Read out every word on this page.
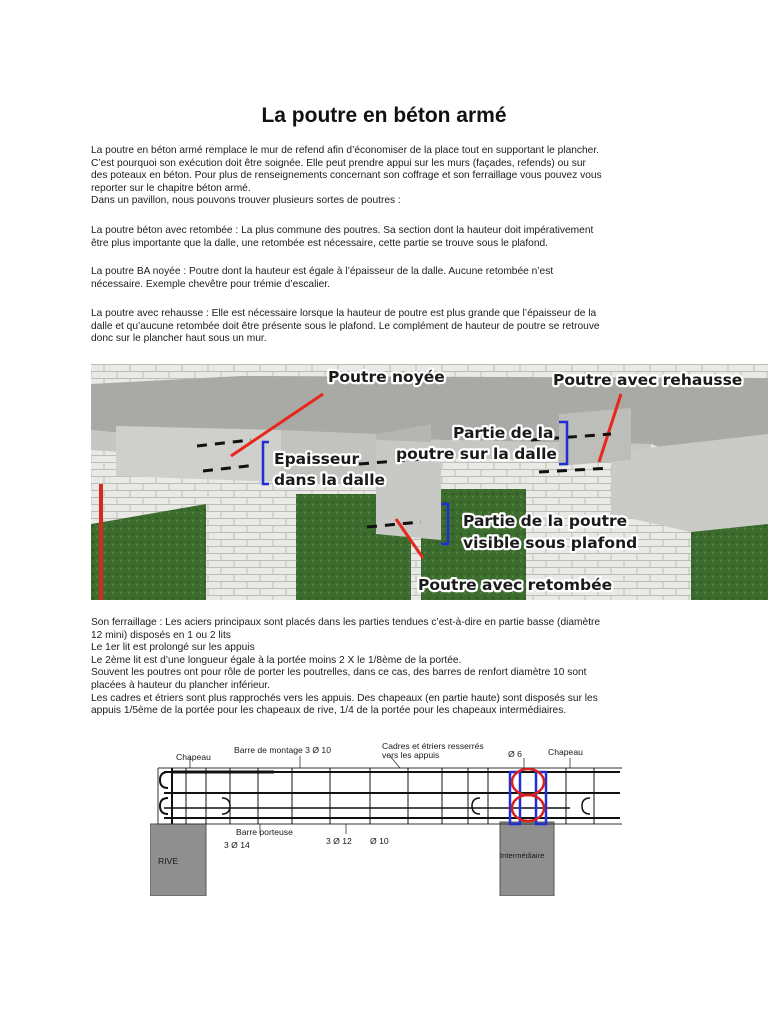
La poutre en béton armé
La poutre en béton armé remplace le mur de refend afin d’économiser de la place tout en supportant le plancher.
C’est pourquoi son exécution doit être soignée. Elle peut prendre appui sur les murs (façades, refends) ou sur
des poteaux en béton. Pour plus de renseignements concernant son coffrage et son ferraillage vous pouvez vous
reporter sur le chapitre béton armé.
Dans un pavillon, nous pouvons trouver plusieurs sortes de poutres :
La poutre béton avec retombée : La plus commune des poutres. Sa section dont la hauteur doit impérativement
être plus importante que la dalle, une retombée est nécessaire, cette partie se trouve sous le plafond.
La poutre BA noyée : Poutre dont la hauteur est égale à l’épaisseur de la dalle. Aucune retombée n’est
nécessaire. Exemple chevêtre pour trémie d’escalier.
La poutre avec rehausse : Elle est nécessaire lorsque la hauteur de poutre est plus grande que l’épaisseur de la
dalle et qu’aucune retombée doit être présente sous le plafond. Le complément de hauteur de poutre se retrouve
donc sur le plancher haut sous un mur.
Poutre noyée	Poutre avec rehausse
Epaisseur
dans la dalle
Partie de la
poutre sur la dalle
Partie de la poutre
visible sous plafond
Poutre avec retombée
Son ferraillage : Les aciers principaux sont placés dans les parties tendues c’est-à-dire en partie basse (diamètre
12 mini) disposés en 1 ou 2 lits
Le 1er lit est prolongé sur les appuis
Le 2ème lit est d’une longueur égale à la portée moins 2 X le 1/8ème de la portée.
Souvent les poutres ont pour rôle de porter les poutrelles, dans ce cas, des barres de renfort diamètre 10 sont
placées à hauteur du plancher inférieur.
Les cadres et étriers sont plus rapprochés vers les appuis. Des chapeaux (en partie haute) sont disposés sur les
appuis 1/5ème de la portée pour les chapeaux de rive, 1/4 de la portée pour les chapeaux intermédiaires.
Chapeau
Barre de montage 3 Ø 10	Cadres et étriers resserrés
vers les appuis	Ø 6	Chapeau
Barre porteuse
3 Ø 14	3 Ø 12 Ø 10
RIVE
Intermédiaire
